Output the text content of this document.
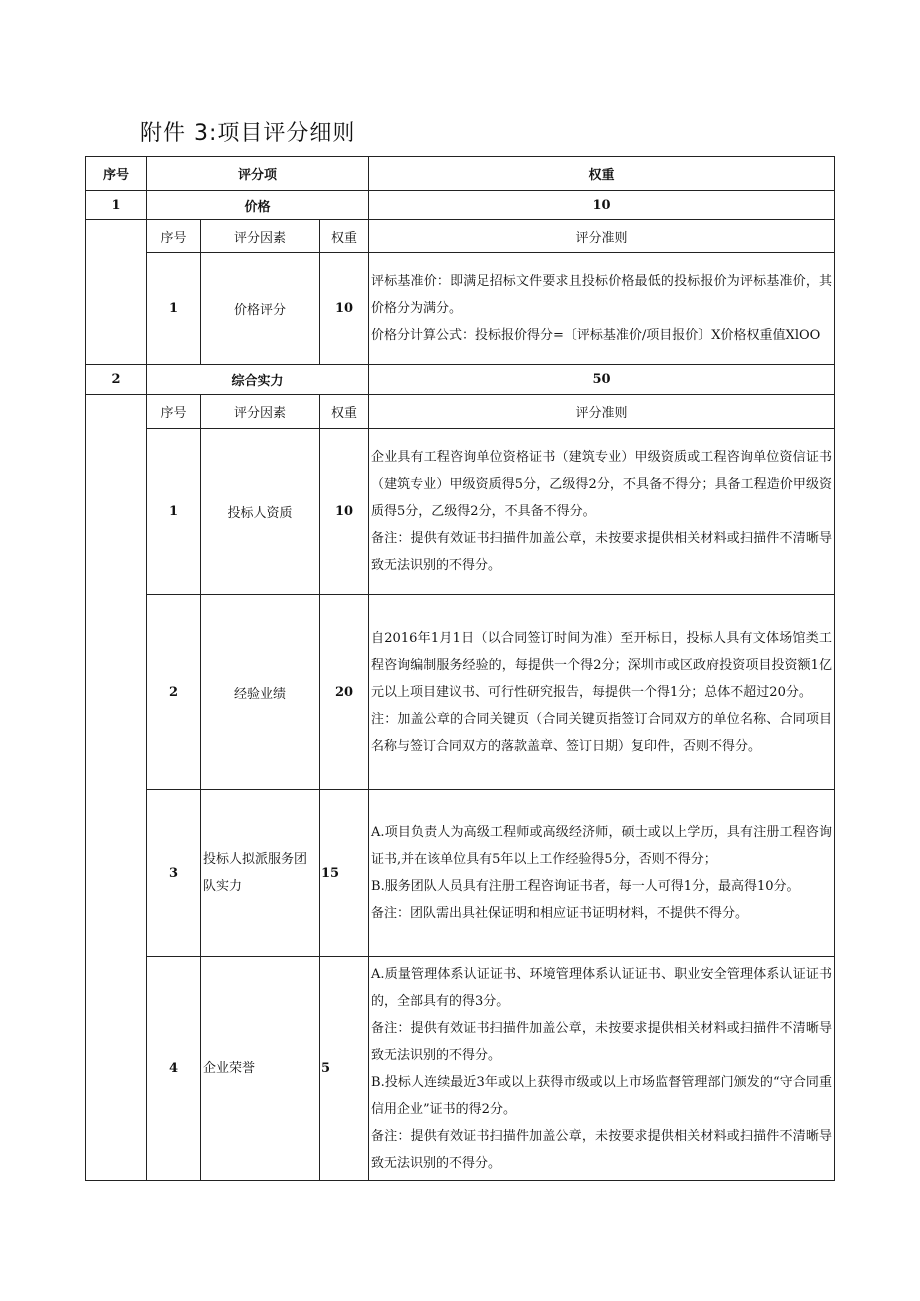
附件 3:项目评分细则
序号	评分项			权重
1	价格			10
	序号	评分因素	权重	评分准则
	1	价格评分	10	评标基准价：即满足招标文件要求且投标价格最低的投标报价为评标基准价，其价格分为满分。

价格分计算公式：投标报价得分=〔评标基准价/项目报价〕X价格权重值XlOO

2	综合实力			50
	序号	评分因素	权重	评分准则
	1	投标人资质	10	企业具有工程咨询单位资格证书（建筑专业）甲级资质或工程咨询单位资信证书（建筑专业）甲级资质得5分，乙级得2分，不具备不得分；具备工程造价甲级资质得5分，乙级得2分，不具备不得分。

备注：提供有效证书扫描件加盖公章，未按要求提供相关材料或扫描件不清晰导致无法识别的不得分。

	2	经验业绩	20	自2016年1月1日（以合同签订时间为准）至开标日，投标人具有文体场馆类工程咨询编制服务经验的，每提供一个得2分；深圳市或区政府投资项目投资额1亿元以上项目建议书、可行性研究报告，每提供一个得1分；总体不超过20分。

注：加盖公章的合同关键页（合同关键页指签订合同双方的单位名称、合同项目名称与签订合同双方的落款盖章、签订日期）复印件，否则不得分。

	3	投标人拟派服务团队实力	15	A.项目负责人为高级工程师或高级经济师，硕士或以上学历，具有注册工程咨询证书,并在该单位具有5年以上工作经验得5分，否则不得分；

B.服务团队人员具有注册工程咨询证书者，每一人可得1分，最高得10分。

备注：团队需出具社保证明和相应证书证明材料，不提供不得分。

	4	企业荣誉	5	A.质量管理体系认证证书、环境管理体系认证证书、职业安全管理体系认证证书的，全部具有的得3分。

备注：提供有效证书扫描件加盖公章，未按要求提供相关材料或扫描件不清晰导致无法识别的不得分。

B.投标人连续最近3年或以上获得市级或以上市场监督管理部门颁发的“守合同重信用企业”证书的得2分。

备注：提供有效证书扫描件加盖公章，未按要求提供相关材料或扫描件不清晰导致无法识别的不得分。
